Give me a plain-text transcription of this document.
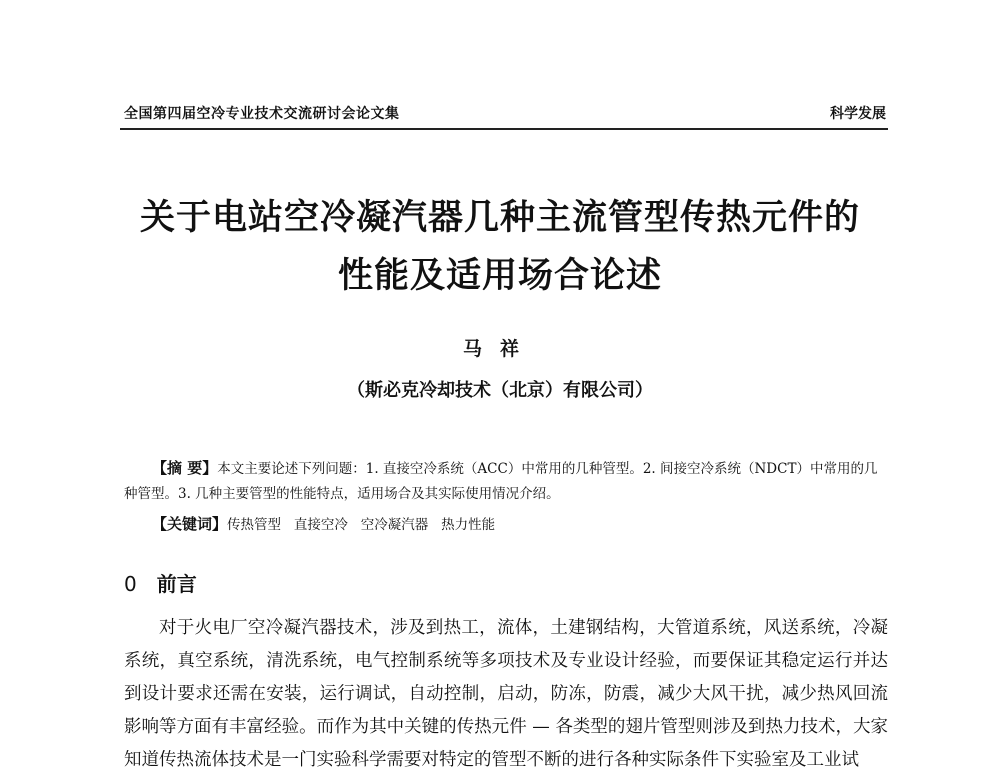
全国第四届空冷专业技术交流研讨会论文集	科学发展
关于电站空冷凝汽器几种主流管型传热元件的
性能及适用场合论述
马祥
（斯必克冷却技术（北京）有限公司）
【摘 要】本文主要论述下列问题：1. 直接空冷系统（ACC）中常用的几种管型。2. 间接空冷系统（NDCT）中常用的几种管型。3. 几种主要管型的性能特点，适用场合及其实际使用情况介绍。
【关键词】传热管型   直接空冷   空冷凝汽器   热力性能
0 前言
对于火电厂空冷凝汽器技术，涉及到热工，流体，土建钢结构，大管道系统，风送系统，冷凝系统，真空系统，清洗系统，电气控制系统等多项技术及专业设计经验，而要保证其稳定运行并达到设计要求还需在安装，运行调试，自动控制，启动，防冻，防震，减少大风干扰，减少热风回流影响等方面有丰富经验。而作为其中关键的传热元件 — 各类型的翅片管型则涉及到热力技术，大家知道传热流体技术是一门实验科学需要对特定的管型不断的进行各种实际条件下实验室及工业试
